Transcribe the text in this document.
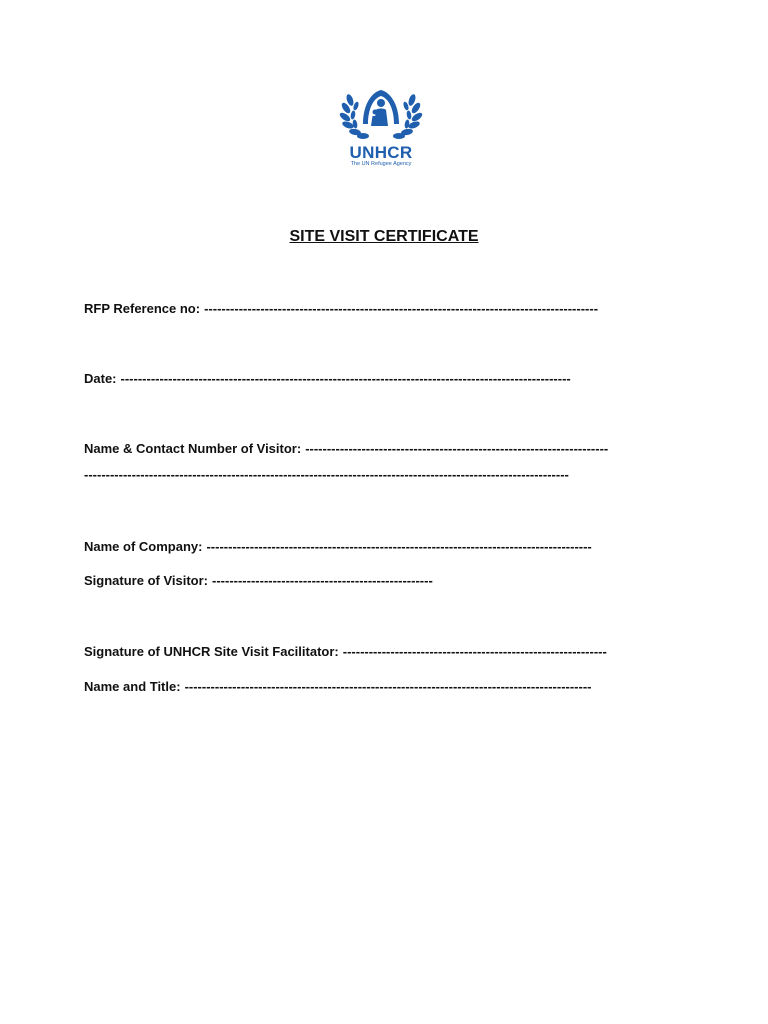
UNHCR
The UN Refugee Agency
SITE VISIT CERTIFICATE
RFP Reference no: -------------------------------------------------------------------------------------------
Date: --------------------------------------------------------------------------------------------------------
Name & Contact Number of Visitor: ----------------------------------------------------------------------
----------------------------------------------------------------------------------------------------------------
Name of Company: -----------------------------------------------------------------------------------------
Signature of Visitor: ---------------------------------------------------
Signature of UNHCR Site Visit Facilitator: -------------------------------------------------------------
Name and Title: ----------------------------------------------------------------------------------------------
